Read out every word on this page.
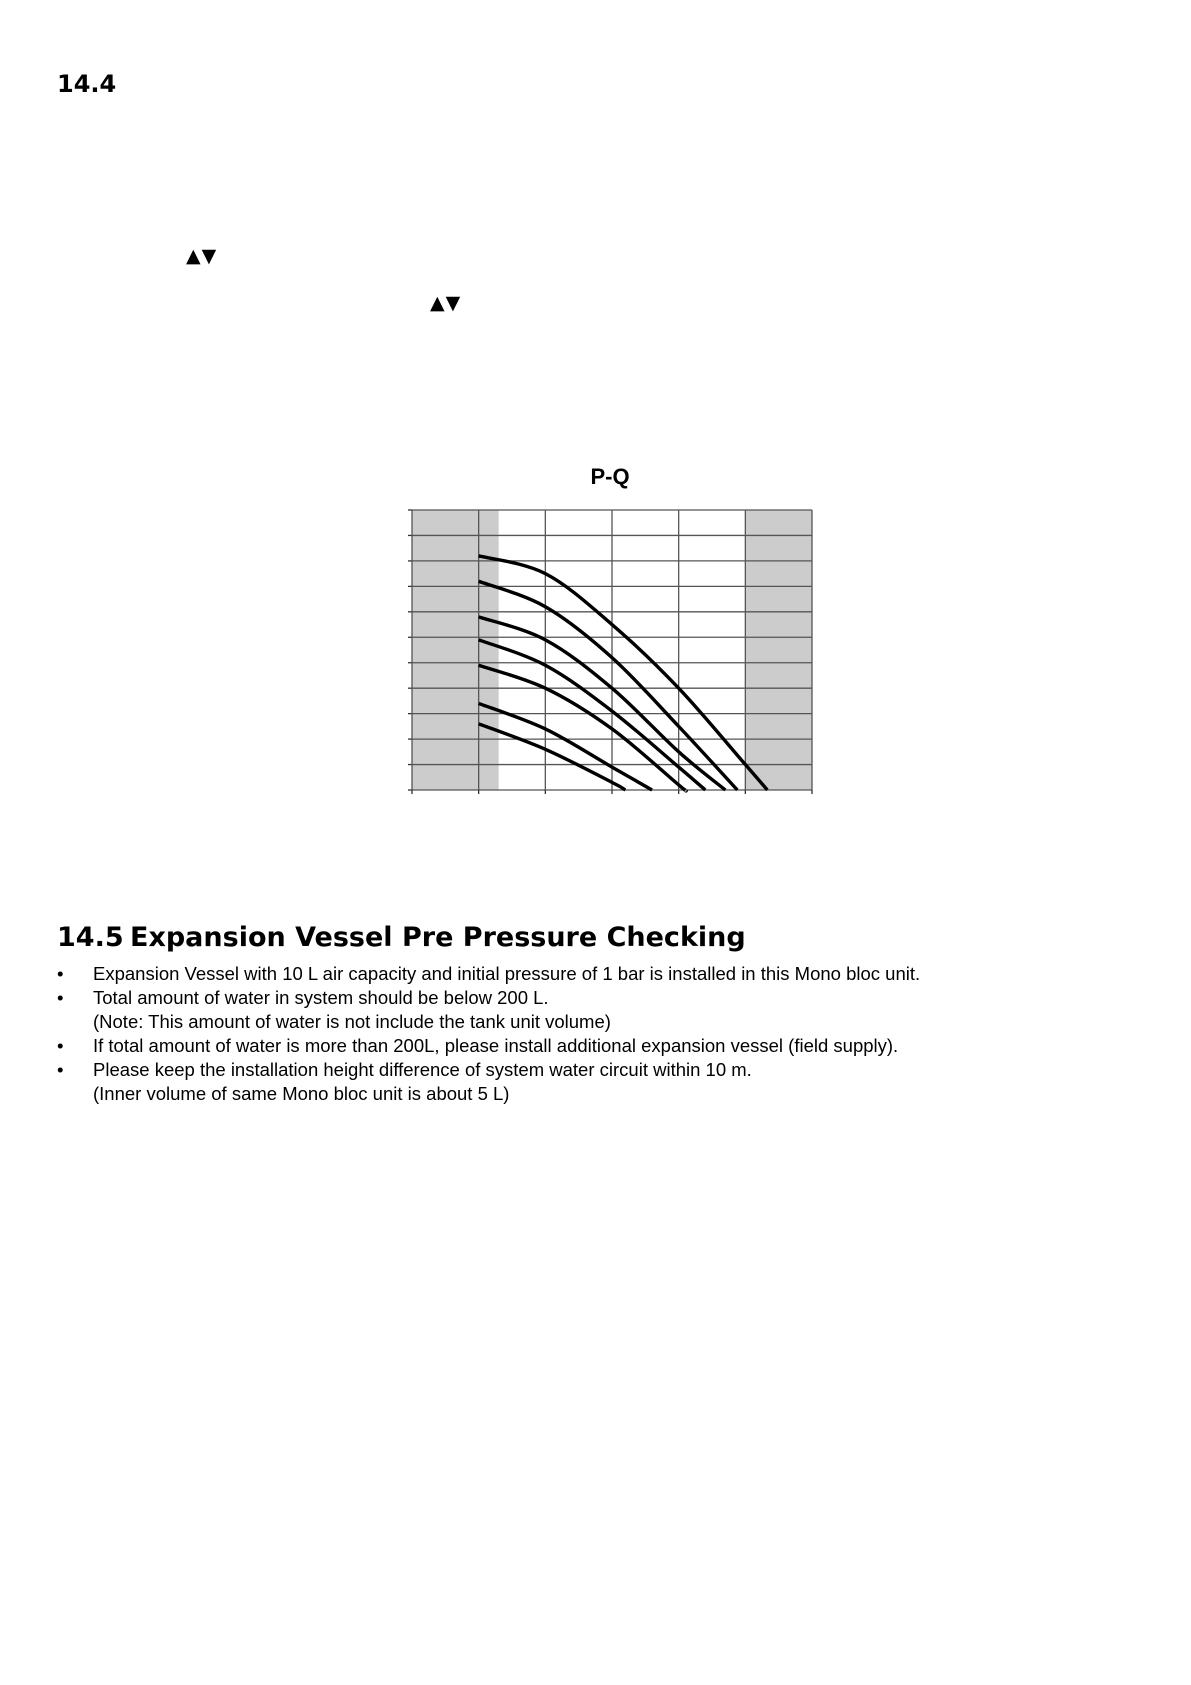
14.4
▲▼
▲▼
P-Q
14.5 Expansion Vessel Pre Pressure Checking
• Expansion Vessel with 10 L air capacity and initial pressure of 1 bar is installed in this Mono bloc unit.
• Total amount of water in system should be below 200 L.
(Note: This amount of water is not include the tank unit volume)
• If total amount of water is more than 200L, please install additional expansion vessel (field supply).
• Please keep the installation height difference of system water circuit within 10 m.
(Inner volume of same Mono bloc unit is about 5 L)
